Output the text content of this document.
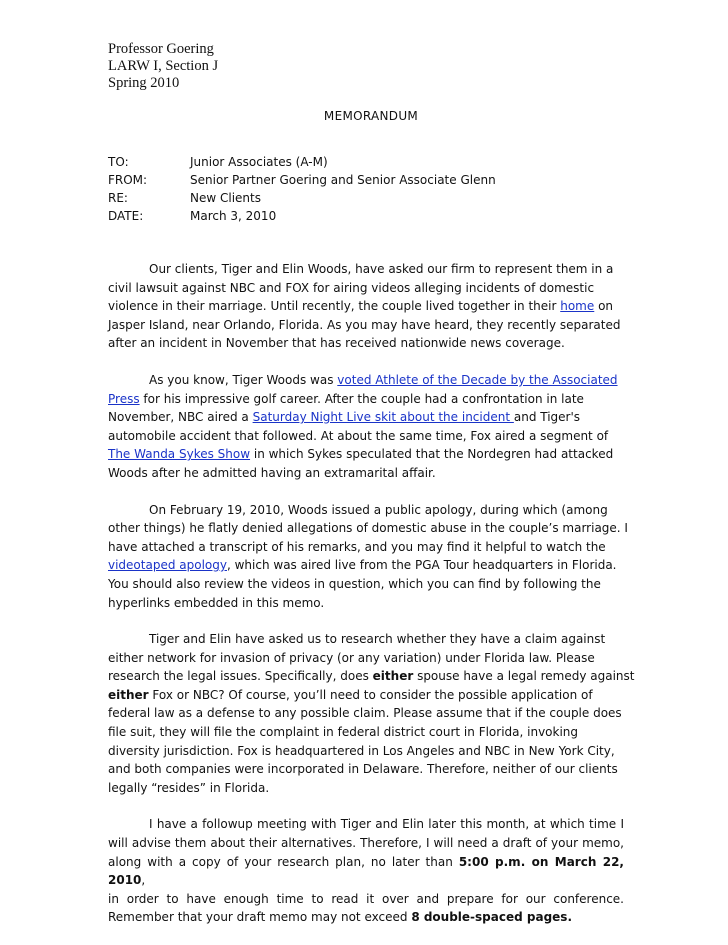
Professor Goering
LARW I, Section J
Spring 2010
MEMORANDUM
TO:	Junior Associates (A-M)
FROM:	Senior Partner Goering and Senior Associate Glenn
RE:	New Clients
DATE:	March 3, 2010
Our clients, Tiger and Elin Woods, have asked our firm to represent them in a
civil lawsuit against NBC and FOX for airing videos alleging incidents of domestic
violence in their marriage. Until recently, the couple lived together in their home on
Jasper Island, near Orlando, Florida. As you may have heard, they recently separated
after an incident in November that has received nationwide news coverage.
As you know, Tiger Woods was voted Athlete of the Decade by the Associated
Press for his impressive golf career. After the couple had a confrontation in late
November, NBC aired a Saturday Night Live skit about the incident and Tiger's
automobile accident that followed. At about the same time, Fox aired a segment of
The Wanda Sykes Show in which Sykes speculated that the Nordegren had attacked
Woods after he admitted having an extramarital affair.
On February 19, 2010, Woods issued a public apology, during which (among
other things) he flatly denied allegations of domestic abuse in the couple’s marriage. I
have attached a transcript of his remarks, and you may find it helpful to watch the
videotaped apology, which was aired live from the PGA Tour headquarters in Florida.
You should also review the videos in question, which you can find by following the
hyperlinks embedded in this memo.
Tiger and Elin have asked us to research whether they have a claim against
either network for invasion of privacy (or any variation) under Florida law. Please
research the legal issues. Specifically, does either spouse have a legal remedy against
either Fox or NBC? Of course, you’ll need to consider the possible application of
federal law as a defense to any possible claim. Please assume that if the couple does
file suit, they will file the complaint in federal district court in Florida, invoking
diversity jurisdiction. Fox is headquartered in Los Angeles and NBC in New York City,
and both companies were incorporated in Delaware. Therefore, neither of our clients
legally “resides” in Florida.
I have a followup meeting with Tiger and Elin later this month, at which time I
will advise them about their alternatives. Therefore, I will need a draft of your memo,
along with a copy of your research plan, no later than 5:00 p.m. on March 22, 2010,
in order to have enough time to read it over and prepare for our conference.
Remember that your draft memo may not exceed 8 double-spaced pages.
